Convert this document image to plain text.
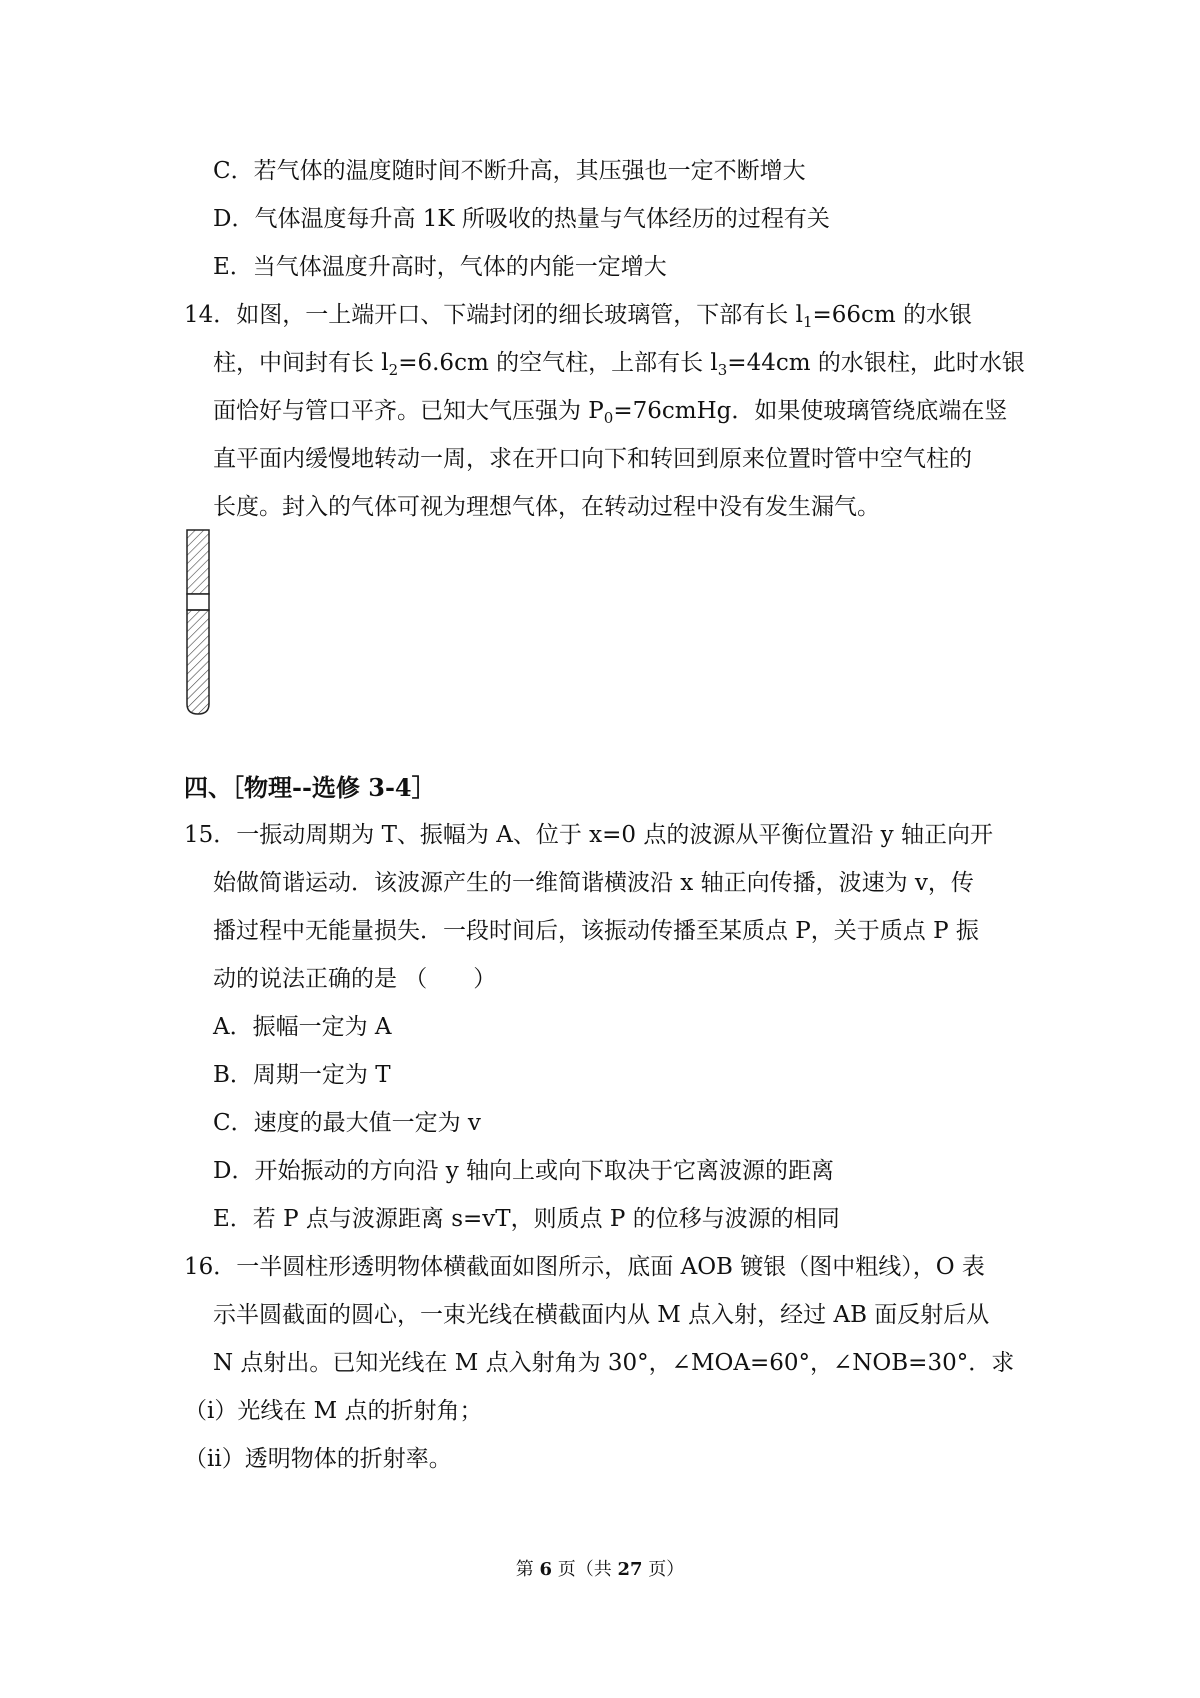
C．若气体的温度随时间不断升高，其压强也一定不断增大
D．气体温度每升高 1K 所吸收的热量与气体经历的过程有关
E．当气体温度升高时，气体的内能一定增大
14．如图，一上端开口、下端封闭的细长玻璃管，下部有长 $l_1=66cm$ 的水银
柱，中间封有长 $l_2=6.6cm$ 的空气柱，上部有长 $l_3=44cm$ 的水银柱，此时水银
面恰好与管口平齐。已知大气压强为 $P_0=76cmHg$．如果使玻璃管绕底端在竖
直平面内缓慢地转动一周，求在开口向下和转回到原来位置时管中空气柱的
长度。封入的气体可视为理想气体，在转动过程中没有发生漏气。
四、［物理--选修 3-4］
15．一振动周期为 T、振幅为 A、位于 x=0 点的波源从平衡位置沿 y 轴正向开
始做简谐运动．该波源产生的一维简谐横波沿 x 轴正向传播，波速为 v，传
播过程中无能量损失．一段时间后，该振动传播至某质点 P，关于质点 P 振
动的说法正确的是 （　　）
A．振幅一定为 A
B．周期一定为 T
C．速度的最大值一定为 v
D．开始振动的方向沿 y 轴向上或向下取决于它离波源的距离
E．若 P 点与波源距离 s=vT，则质点 P 的位移与波源的相同
16．一半圆柱形透明物体横截面如图所示，底面 AOB 镀银（图中粗线），O 表
示半圆截面的圆心，一束光线在横截面内从 M 点入射，经过 AB 面反射后从
N 点射出。已知光线在 M 点入射角为 30°，∠MOA=60°，∠NOB=30°．求
（i）光线在 M 点的折射角；
（ii）透明物体的折射率。
第 6 页（共 27 页）
